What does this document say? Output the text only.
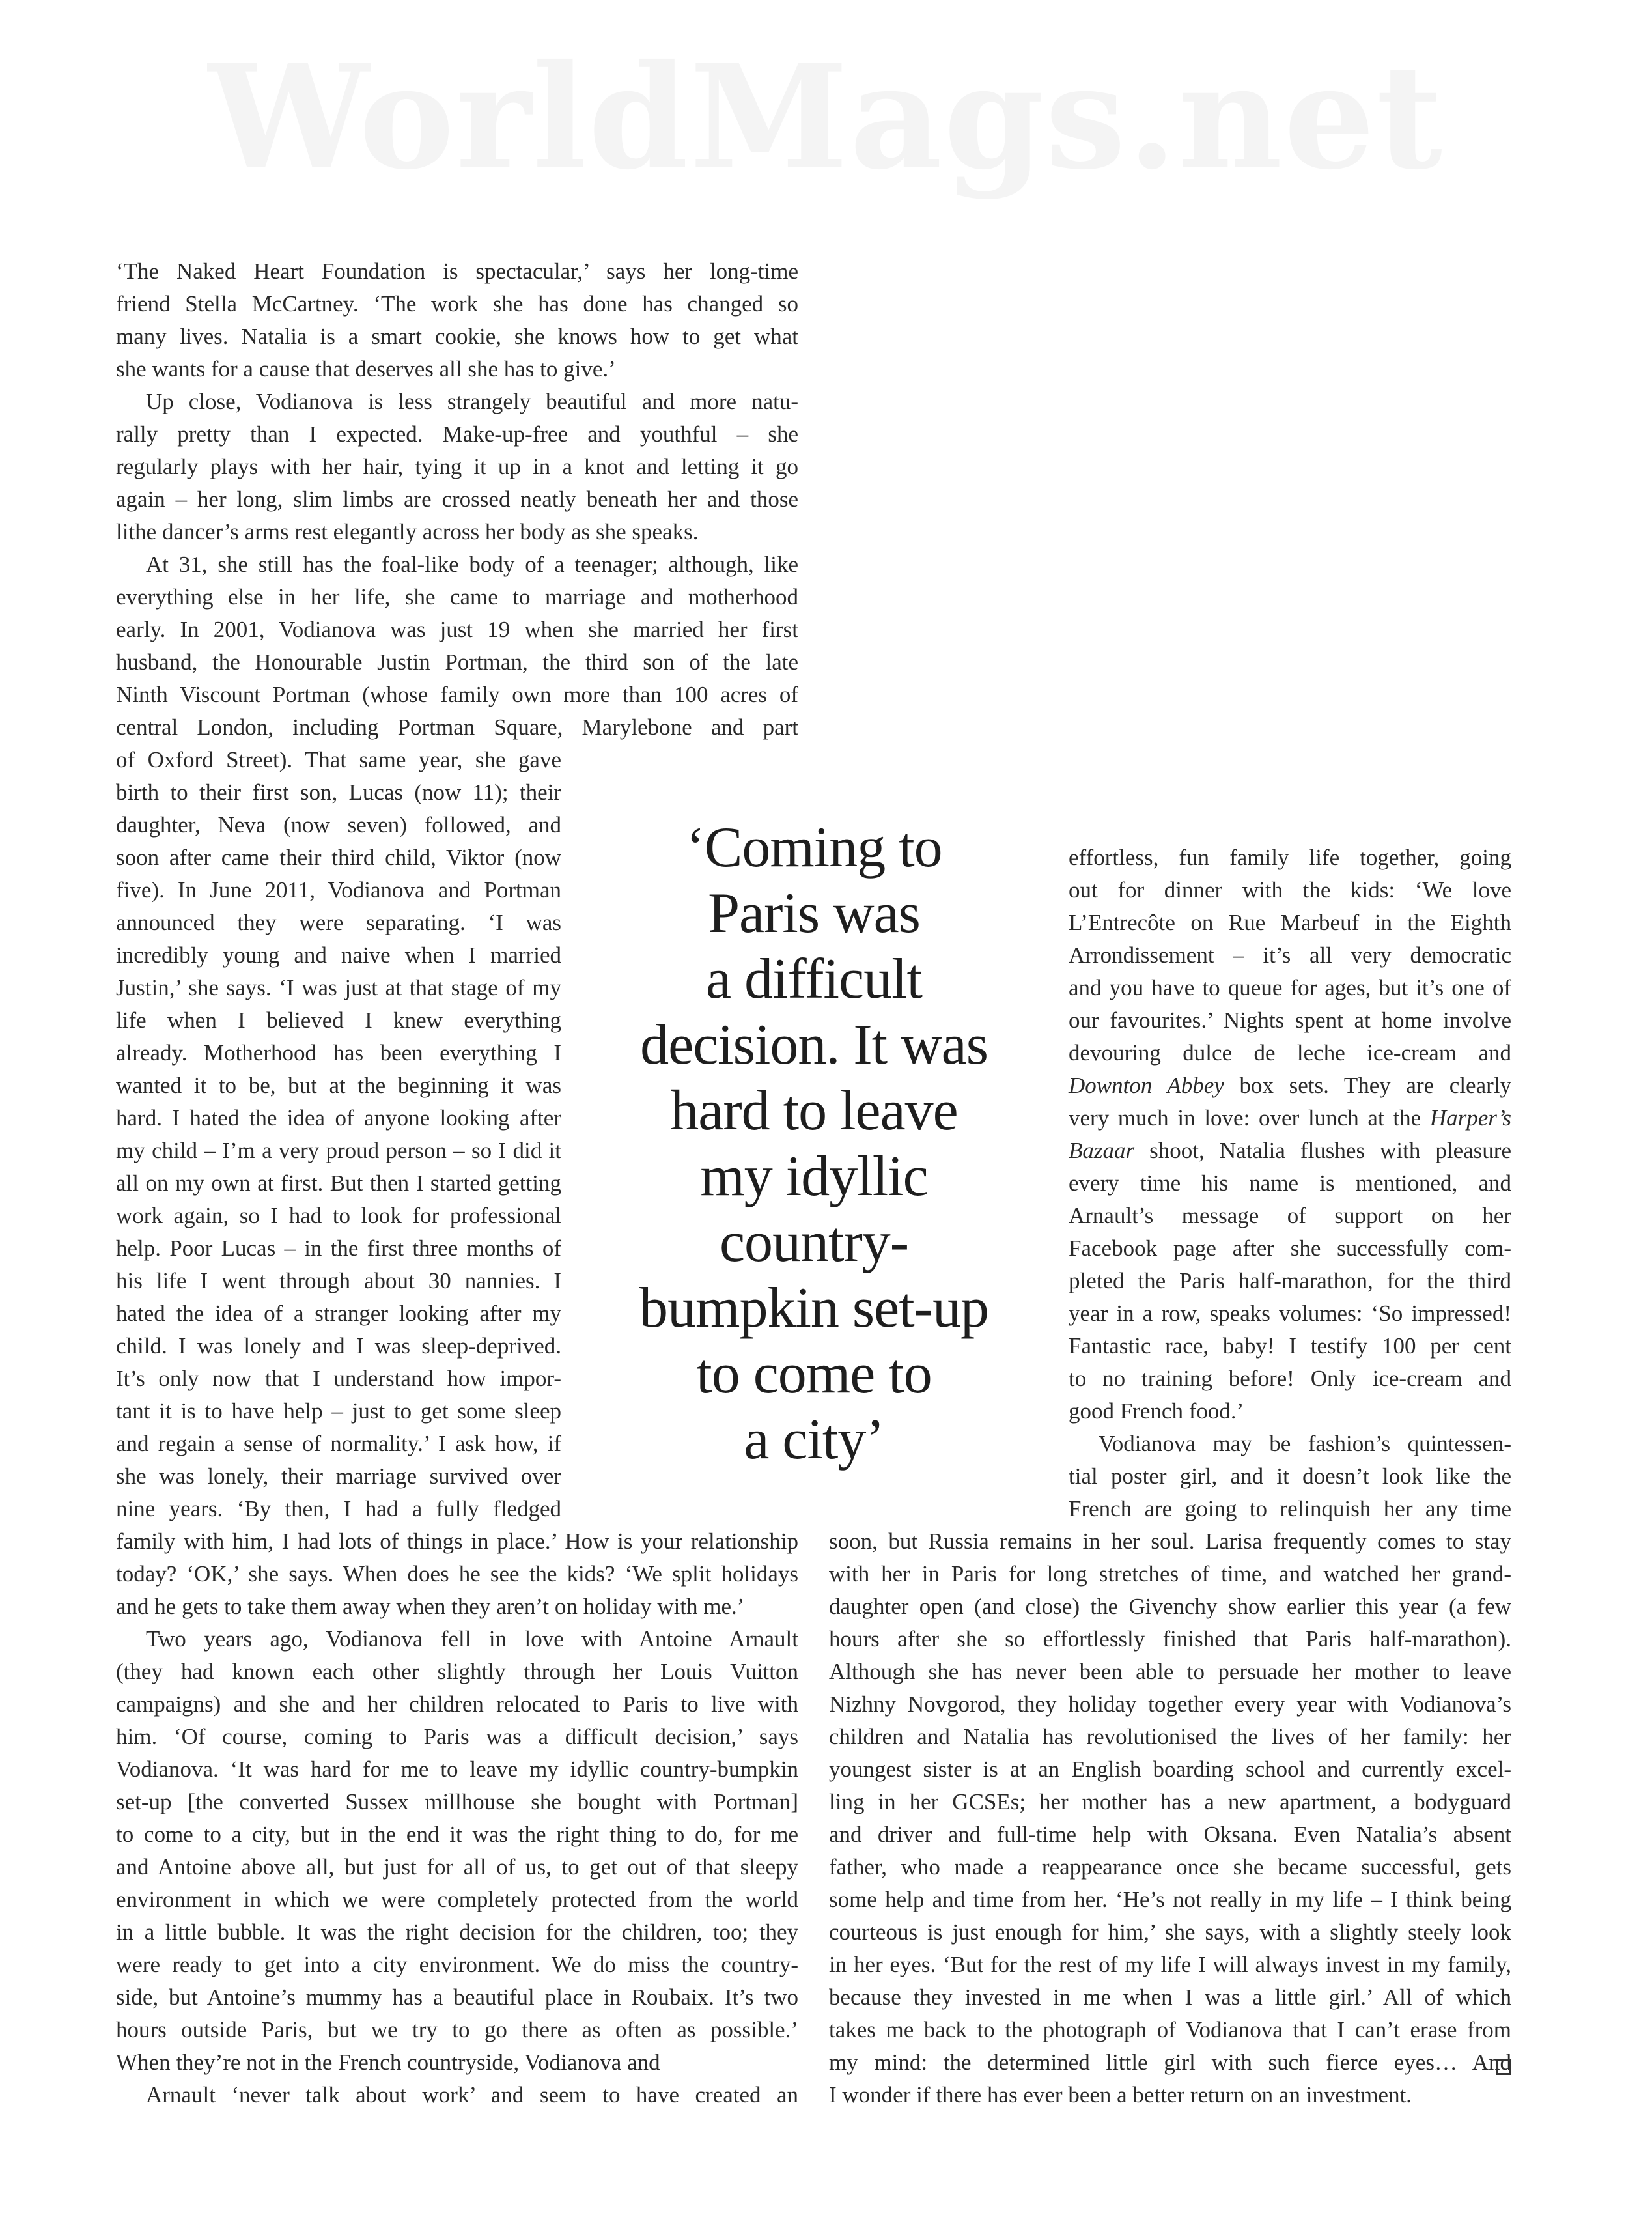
WorldMags.net
‘The Naked Heart Foundation is spectacular,’ says her long-time
friend Stella McCartney. ‘The work she has done has changed so
many lives. Natalia is a smart cookie, she knows how to get what
she wants for a cause that deserves all she has to give.’
Up close, Vodianova is less strangely beautiful and more natu-
rally pretty than I expected. Make-up-free and youthful – she
regularly plays with her hair, tying it up in a knot and letting it go
again – her long, slim limbs are crossed neatly beneath her and those
lithe dancer’s arms rest elegantly across her body as she speaks.
At 31, she still has the foal-like body of a teenager; although, like
everything else in her life, she came to marriage and motherhood
early. In 2001, Vodianova was just 19 when she married her first
husband, the Honourable Justin Portman, the third son of the late
Ninth Viscount Portman (whose family own more than 100 acres of
central London, including Portman Square, Marylebone and part
of Oxford Street). That same year, she gave
birth to their first son, Lucas (now 11); their
daughter, Neva (now seven) followed, and
soon after came their third child, Viktor (now
five). In June 2011, Vodianova and Portman
announced they were separating. ‘I was
incredibly young and naive when I married
Justin,’ she says. ‘I was just at that stage of my
life when I believed I knew everything
already. Motherhood has been everything I
wanted it to be, but at the beginning it was
hard. I hated the idea of anyone looking after
my child – I’m a very proud person – so I did it
all on my own at first. But then I started getting
work again, so I had to look for professional
help. Poor Lucas – in the first three months of
his life I went through about 30 nannies. I
hated the idea of a stranger looking after my
child. I was lonely and I was sleep-deprived.
It’s only now that I understand how impor-
tant it is to have help – just to get some sleep
and regain a sense of normality.’ I ask how, if
she was lonely, their marriage survived over
nine years. ‘By then, I had a fully fledged
family with him, I had lots of things in place.’ How is your relationship
today? ‘OK,’ she says. When does he see the kids? ‘We split holidays
and he gets to take them away when they aren’t on holiday with me.’
Two years ago, Vodianova fell in love with Antoine Arnault
(they had known each other slightly through her Louis Vuitton
campaigns) and she and her children relocated to Paris to live with
him. ‘Of course, coming to Paris was a difficult decision,’ says
Vodianova. ‘It was hard for me to leave my idyllic country-bumpkin
set-up [the converted Sussex millhouse she bought with Portman]
to come to a city, but in the end it was the right thing to do, for me
and Antoine above all, but just for all of us, to get out of that sleepy
environment in which we were completely protected from the world
in a little bubble. It was the right decision for the children, too; they
were ready to get into a city environment. We do miss the country-
side, but Antoine’s mummy has a beautiful place in Roubaix. It’s two
hours outside Paris, but we try to go there as often as possible.’
When they’re not in the French countryside, Vodianova and
Arnault ‘never talk about work’ and seem to have created an
‘Coming to
Paris was
a difficult
decision. It was
hard to leave
my idyllic
country-
bumpkin set-up
to come to
a city’
effortless, fun family life together, going
out for dinner with the kids: ‘We love
L’Entrecôte on Rue Marbeuf in the Eighth
Arrondissement – it’s all very democratic
and you have to queue for ages, but it’s one of
our favourites.’ Nights spent at home involve
devouring dulce de leche ice-cream and
Downton Abbey box sets. They are clearly
very much in love: over lunch at the Harper’s
Bazaar shoot, Natalia flushes with pleasure
every time his name is mentioned, and
Arnault’s message of support on her
Facebook page after she successfully com-
pleted the Paris half-marathon, for the third
year in a row, speaks volumes: ‘So impressed!
Fantastic race, baby! I testify 100 per cent
to no training before! Only ice-cream and
good French food.’
Vodianova may be fashion’s quintessen-
tial poster girl, and it doesn’t look like the
French are going to relinquish her any time
soon, but Russia remains in her soul. Larisa frequently comes to stay
with her in Paris for long stretches of time, and watched her grand-
daughter open (and close) the Givenchy show earlier this year (a few
hours after she so effortlessly finished that Paris half-marathon).
Although she has never been able to persuade her mother to leave
Nizhny Novgorod, they holiday together every year with Vodianova’s
children and Natalia has revolutionised the lives of her family: her
youngest sister is at an English boarding school and currently excel-
ling in her GCSEs; her mother has a new apartment, a bodyguard
and driver and full-time help with Oksana. Even Natalia’s absent
father, who made a reappearance once she became successful, gets
some help and time from her. ‘He’s not really in my life – I think being
courteous is just enough for him,’ she says, with a slightly steely look
in her eyes. ‘But for the rest of my life I will always invest in my family,
because they invested in me when I was a little girl.’ All of which
takes me back to the photograph of Vodianova that I can’t erase from
my mind: the determined little girl with such fierce eyes… And
I wonder if there has ever been a better return on an investment.
